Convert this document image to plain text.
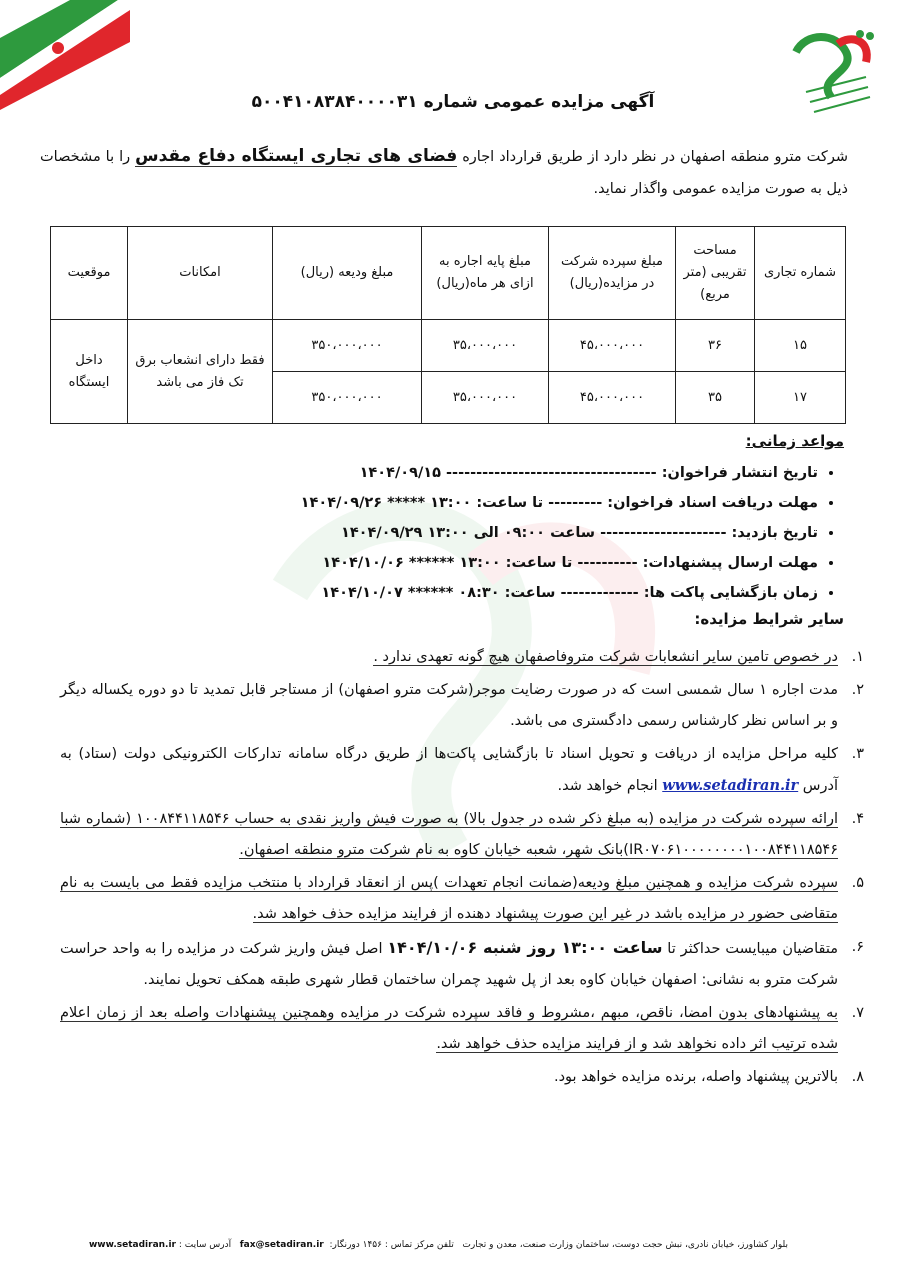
آگهی مزایده عمومی شماره ۵۰۰۴۱۰۸۳۸۴۰۰۰۰۳۱
شرکت مترو منطقه اصفهان در نظر دارد از طریق قرارداد اجاره فضای های تجاری ایستگاه دفاع مقدس را با مشخصات ذیل به صورت مزایده عمومی واگذار نماید.
شماره تجاری	مساحت تقریبی (متر مربع)	مبلغ سپرده شرکت در مزایده(ریال)	مبلغ پایه اجاره به ازای هر ماه(ریال)	مبلغ ودیعه (ریال)	امکانات	موقعیت
۱۵	۳۶	۴۵،۰۰۰،۰۰۰	۳۵،۰۰۰،۰۰۰	۳۵۰،۰۰۰،۰۰۰	فقط دارای انشعاب برق تک فاز می باشد	داخل ایستگاه
۱۷	۳۵	۴۵،۰۰۰،۰۰۰	۳۵،۰۰۰،۰۰۰	۳۵۰،۰۰۰،۰۰۰		
مواعد زمانی:
• تاریخ انتشار فراخوان: ----------------------------------- ۱۴۰۴/۰۹/۱۵
• مهلت دریافت اسناد فراخوان: --------- تا ساعت: ۱۳:۰۰ ***** ۱۴۰۴/۰۹/۲۶
• تاریخ بازدید: --------------------- ساعت ۰۹:۰۰ الی ۱۳:۰۰ ۱۴۰۴/۰۹/۲۹
• مهلت ارسال پیشنهادات: ---------- تا ساعت: ۱۳:۰۰ ****** ۱۴۰۴/۱۰/۰۶
• زمان بازگشایی پاکت ها: ------------- ساعت: ۰۸:۳۰ ****** ۱۴۰۴/۱۰/۰۷
سایر شرایط مزایده:
۱.
در خصوص تامین سایر انشعابات شرکت متروفاصفهان هیچ گونه تعهدی ندارد .
۲.
مدت اجاره ۱ سال شمسی است که در صورت رضایت موجر(شرکت مترو اصفهان) از مستاجر قابل تمدید تا دو دوره یکساله دیگر و بر اساس نظر کارشناس رسمی دادگستری می باشد.
۳.
کلیه مراحل مزایده از دریافت و تحویل اسناد تا بازگشایی پاکت‌ها از طریق درگاه سامانه تدارکات الکترونیکی دولت (ستاد) به آدرس www.setadiran.ir انجام خواهد شد.
۴.
ارائه سپرده شرکت در مزایده (به مبلغ ذکر شده در جدول بالا) به صورت فیش واریز نقدی به حساب ۱۰۰۸۴۴۱۱۸۵۴۶ (شماره شبا IR۰۷۰۶۱۰۰۰۰۰۰۰۰۱۰۰۸۴۴۱۱۸۵۴۶)بانک شهر، شعبه خیابان کاوه به نام شرکت مترو منطقه اصفهان.
۵.
سپرده شرکت مزایده و همچنین مبلغ ودیعه(ضمانت انجام تعهدات )پس از انعقاد قرارداد با منتخب مزایده فقط می بایست به نام متقاضی حضور در مزایده باشد در غیر این صورت پیشنهاد دهنده از فرایند مزایده حذف خواهد شد.
۶.
متقاضیان میبایست حداکثر تا ساعت ۱۳:۰۰ روز شنبه ۱۴۰۴/۱۰/۰۶ اصل فیش واریز شرکت در مزایده را به واحد حراست شرکت مترو به نشانی: اصفهان خیابان کاوه بعد از پل شهید چمران ساختمان قطار شهری طبقه همکف تحویل نمایند.
۷.
به پیشنهادهای بدون امضا، ناقص، مبهم ،مشروط و فاقد سپرده شرکت در مزایده وهمچنین پیشنهادات واصله بعد از زمان اعلام شده ترتیب اثر داده نخواهد شد و از فرایند مزایده حذف خواهد شد.
۸.
بالاترین پیشنهاد واصله، برنده مزایده خواهد بود.
بلوار کشاورز، خیابان نادری، نبش حجت دوست، ساختمان وزارت صنعت، معدن و تجارت   تلفن مرکز تماس : ۱۴۵۶ دورنگار:  fax@setadiran.ir   آدرس سایت : www.setadiran.ir
